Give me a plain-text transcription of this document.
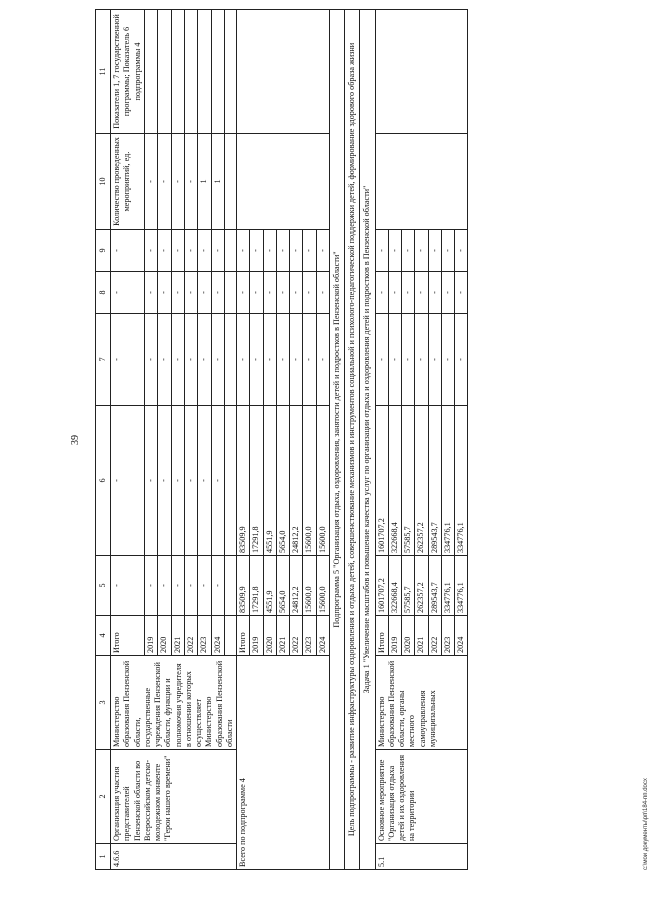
39
1	2	3	4	5	6	7	8	9	10	11
4.6.6	Организация участия представителей Пензенской области во Всероссийском детско-молодежном конвенте "Герои нашего времени"	Министерство образования Пензенской области, государственные учреждения Пензенской области, функции и полномочия учредителя в отношении которых осуществляет Министерство образования Пензенской области	Итого	-	-	-	-	-	Количество проведенных мероприятий, ед.	Показатели 1, 7 государственной программы; Показатель 6 подпрограммы 4
			2019	-	-	-	-	-	-	
			2020	-	-	-	-	-	-	
			2021	-	-	-	-	-	-	
			2022	-	-	-	-	-	-	
			2023	-	-	-	-	-	1	
			2024	-	-	-	-	-	1	

Всего по подпрограмме 4			Итого	83509,9	83509,9	-	-	-		
			2019	17291,8	17291,8	-	-	-		
			2020	4551,9	4551,9	-	-	-		
			2021	5654,0	5654,0	-	-	-		
			2022	24812,2	24812,2	-	-	-		
			2023	15600,0	15600,0	-	-	-		
			2024	15600,0	15600,0	-	-	-		
Подпрограмма 5 "Организация отдыха, оздоровления, занятости детей и подростков в Пензенской области"										
Цель подпрограммы - развитие инфраструктуры оздоровления и отдыха детей, совершенствование механизмов и инструментов социальной и психолого-педагогической поддержки детей, формирование здорового образа жизни										
Задача 1 "Увеличение масштабов и повышение качества услуг по организации отдыха и оздоровления детей и подростков в Пензенской области"										
5.1	Основное мероприятие "Организация отдыха детей и их оздоровления на территории	Министерство образования Пензенской области, органы местного самоуправления муниципальных	Итого	1601707,2	1601707,2	-	-	-		
			2019	322668,4	322668,4	-	-	-		
			2020	57585,7	57585,7	-	-	-		
			2021	262357,2	262357,2	-	-	-		
			2022	289543,7	289543,7	-	-	-		
			2023	334776,1	334776,1	-	-	-		
			2024	334776,1	334776,1	-	-	-		
c:\мои документы\рп\184-пп.docx
